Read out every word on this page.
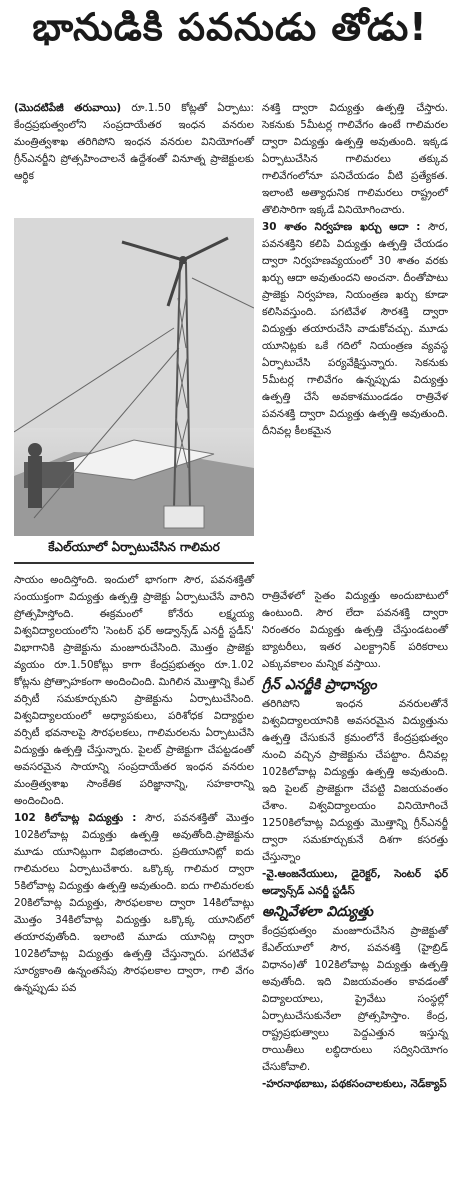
భానుడికి పవనుడు తోడు!

(మొదటిపేజీ తరువాయి) రూ.1.50 కోట్లతో ఏర్పాటు: కేంద్రప్రభుత్వంలోని సంప్రదాయేతర ఇంధన వనరుల మంత్రిత్వశాఖ తరిగిపోని ఇంధన వనరుల వినియోగంతో గ్రీన్‌ఎనర్జీని ప్రోత్సహించాలనే ఉద్దేశంతో వినూత్న ప్రాజెక్టులకు ఆర్థిక

కేఎల్‌యూలో ఏర్పాటుచేసిన గాలిమర

సాయం అందిస్తోంది. ఇందులో భాగంగా సౌర, పవనశక్తితో సంయుక్తంగా విద్యుత్తు ఉత్పత్తి ప్రాజెక్టు ఏర్పాటుచేసే వారిని ప్రోత్సహిస్తోంది. ఈక్రమంలో కోనేరు లక్ష్మయ్య విశ్వవిద్యాలయంలోని 'సెంటర్ ఫర్ అడ్వాన్స్‌డ్ ఎనర్జీ స్టడీస్' విభాగానికి ప్రాజెక్టును మంజూరుచేసింది. మొత్తం ప్రాజెక్టు వ్యయం రూ.1.50కోట్లు కాగా కేంద్రప్రభుత్వం రూ.1.02 కోట్లను ప్రోత్సాహకంగా అందించింది. మిగిలిన మొత్తాన్ని కేఎల్ వర్సిటీ సమకూర్చుకుని ప్రాజెక్టును ఏర్పాటుచేసింది. విశ్వవిద్యాలయంలో అధ్యాపకులు, పరిశోధక విద్యార్థుల వర్సిటీ భవనాలపై సౌరఫలకలు, గాలిమరలను ఏర్పాటుచేసి విద్యుత్తు ఉత్పత్తి చేస్తున్నారు. పైలట్ ప్రాజెక్టుగా చేపట్టడంతో అవసరమైన సాయాన్ని సంప్రదాయేతర ఇంధన వనరుల మంత్రిత్వశాఖ సాంకేతిక పరిజ్ఞానాన్ని, సహకారాన్ని అందించింది.

102 కిలోవాట్ల విద్యుత్తు : సౌర, పవనశక్తితో మొత్తం 102కిలోవాట్ల విద్యుత్తు ఉత్పత్తి అవుతోంది.ప్రాజెక్టును మూడు యూనిట్లుగా విభజించారు. ప్రతియూనిట్లో ఐదు గాలిమరలు ఏర్పాటుచేశారు. ఒక్కొక్క గాలిమర ద్వారా 5కిలోవాట్ల విద్యుత్తు ఉత్పత్తి అవుతుంది. ఐదు గాలిమరలకు 20కిలోవాట్ల విద్యుత్తు, సౌరఫలకాల ద్వారా 14కిలోవాట్లు మొత్తం 34కిలోవాట్ల విద్యుత్తు ఒక్కొక్క యూనిట్‌లో తయారవుతోంది. ఇలాంటి మూడు యూనిట్ల ద్వారా 102కిలోవాట్ల విద్యుత్తు ఉత్పత్తి చేస్తున్నారు. పగటివేళ సూర్యకాంతి ఉన్నంతసేపు సౌరఫలకాల ద్వారా, గాలి వేగం ఉన్నప్పుడు పవ

నశక్తి ద్వారా విద్యుత్తు ఉత్పత్తి చేస్తారు. సెకనుకు 5మీటర్ల గాలివేగం ఉంటే గాలిమరల ద్వారా విద్యుత్తు ఉత్పత్తి అవుతుంది. ఇక్కడ ఏర్పాటుచేసిన గాలిమరలు తక్కువ గాలివేగంలోనూ పనిచేయడం వీటి ప్రత్యేకత. ఇలాంటి అత్యాధునిక గాలిమరలు రాష్ట్రంలో తొలిసారిగా ఇక్కడే వినియోగించారు.

30 శాతం నిర్వహణ ఖర్చు ఆదా : సౌర, పవనశక్తిని కలిపి విద్యుత్తు ఉత్పత్తి చేయడం ద్వారా నిర్వహణవ్యయంలో 30 శాతం వరకు ఖర్చు ఆదా అవుతుందని అంచనా. దీంతోపాటు ప్రాజెక్టు నిర్వహణ, నియంత్రణ ఖర్చు కూడా కలిసివస్తుంది. పగటివేళ సౌరశక్తి ద్వారా విద్యుత్తు తయారుచేసి వాడుకోవచ్చు. మూడు యూనిట్లకు ఒకే గదిలో నియంత్రణ వ్యవస్థ ఏర్పాటుచేసి పర్యవేక్షిస్తున్నారు. సెకనుకు 5మీటర్ల గాలివేగం ఉన్నప్పుడు విద్యుత్తు ఉత్పత్తి చేసే అవకాశముండడం రాత్రివేళ పవనశక్తి ద్వారా విద్యుత్తు ఉత్పత్తి అవుతుంది. దీనివల్ల కీలకమైన

రాత్రివేళలో సైతం విద్యుత్తు అందుబాటులో ఉంటుంది. సౌర లేదా పవనశక్తి ద్వారా నిరంతరం విద్యుత్తు ఉత్పత్తి చేస్తుండటంతో బ్యాటరీలు, ఇతర ఎలక్ట్రానిక్ పరికరాలు ఎక్కువకాలం మన్నిక వస్తాయి.

గ్రీన్ ఎనర్జీకి ప్రాధాన్యం

తరిగిపోని ఇంధన వనరులతోనే విశ్వవిద్యాలయానికి అవసరమైన విద్యుత్తును ఉత్పత్తి చేసుకునే క్రమంలోనే కేంద్రప్రభుత్వం నుంచి వచ్చిన ప్రాజెక్టును చేపట్టాం. దీనివల్ల 102కిలోవాట్ల విద్యుత్తు ఉత్పత్తి అవుతుంది. ఇది పైలట్ ప్రాజెక్టుగా చేపట్టి విజయవంతం చేశాం. విశ్వవిద్యాలయం వినియోగించే 1250కిలోవాట్ల విద్యుత్తు మొత్తాన్ని గ్రీన్‌ఎనర్జీ ద్వారా సమకూర్చుకునే దిశగా కసరత్తు చేస్తున్నాం

-వై.ఆంజనేయులు, డైరెక్టర్, సెంటర్ ఫర్ అడ్వాన్స్‌డ్ ఎనర్జీ స్టడీస్

అన్నివేళలా విద్యుత్తు

కేంద్రప్రభుత్వం మంజూరుచేసిన ప్రాజెక్టుతో కేఎల్‌యూలో సౌర, పవనశక్తి (హైబ్రిడ్ విధానం)తో 102కిలోవాట్ల విద్యుత్తు ఉత్పత్తి అవుతోంది. ఇది విజయవంతం కావడంతో విద్యాలయాలు, ప్రైవేటు సంస్థల్లో ఏర్పాటుచేసుకునేలా ప్రోత్సహిస్తాం. కేంద్ర, రాష్ట్రప్రభుత్వాలు పెద్దఎత్తున ఇస్తున్న రాయితీలు లబ్ధిదారులు సద్వినియోగం చేసుకోవాలి.

-హరనాథబాబు, పథకసంచాలకులు, నెడ్‌క్యాప్
